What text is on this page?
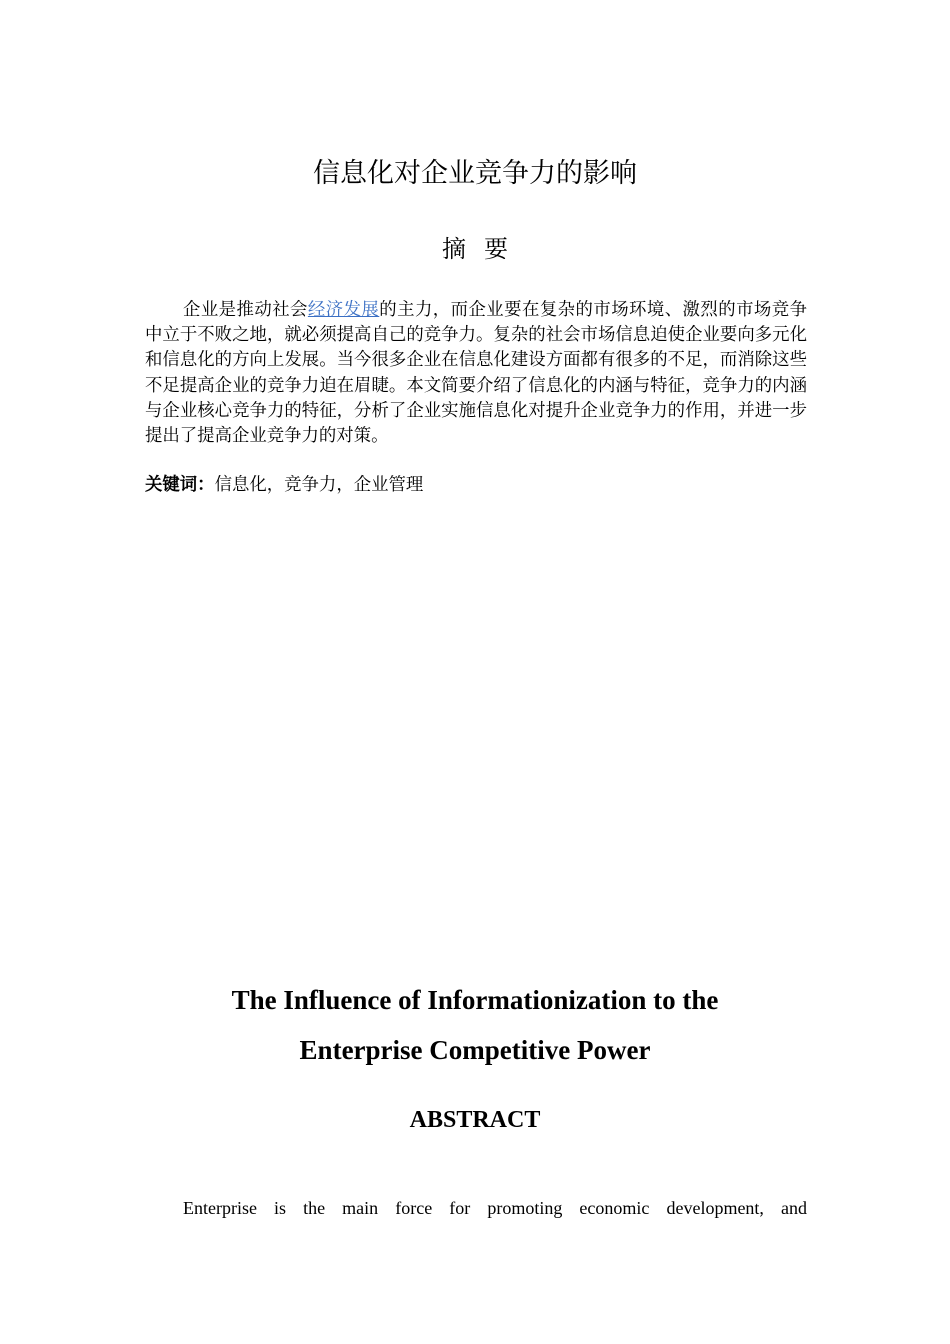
信息化对企业竞争力的影响
摘要

企业是推动社会经济发展的主力，而企业要在复杂的市场环境、激烈的市场竞争中立于不败之地，就必须提高自己的竞争力。复杂的社会市场信息迫使企业要向多元化和信息化的方向上发展。当今很多企业在信息化建设方面都有很多的不足，而消除这些不足提高企业的竞争力迫在眉睫。本文简要介绍了信息化的内涵与特征，竞争力的内涵与企业核心竞争力的特征，分析了企业实施信息化对提升企业竞争力的作用，并进一步提出了提高企业竞争力的对策。

关键词：信息化，竞争力，企业管理

The Influence of Informationization to the
Enterprise Competitive Power
ABSTRACT

Enterprise is the main force for promoting economic development, and
